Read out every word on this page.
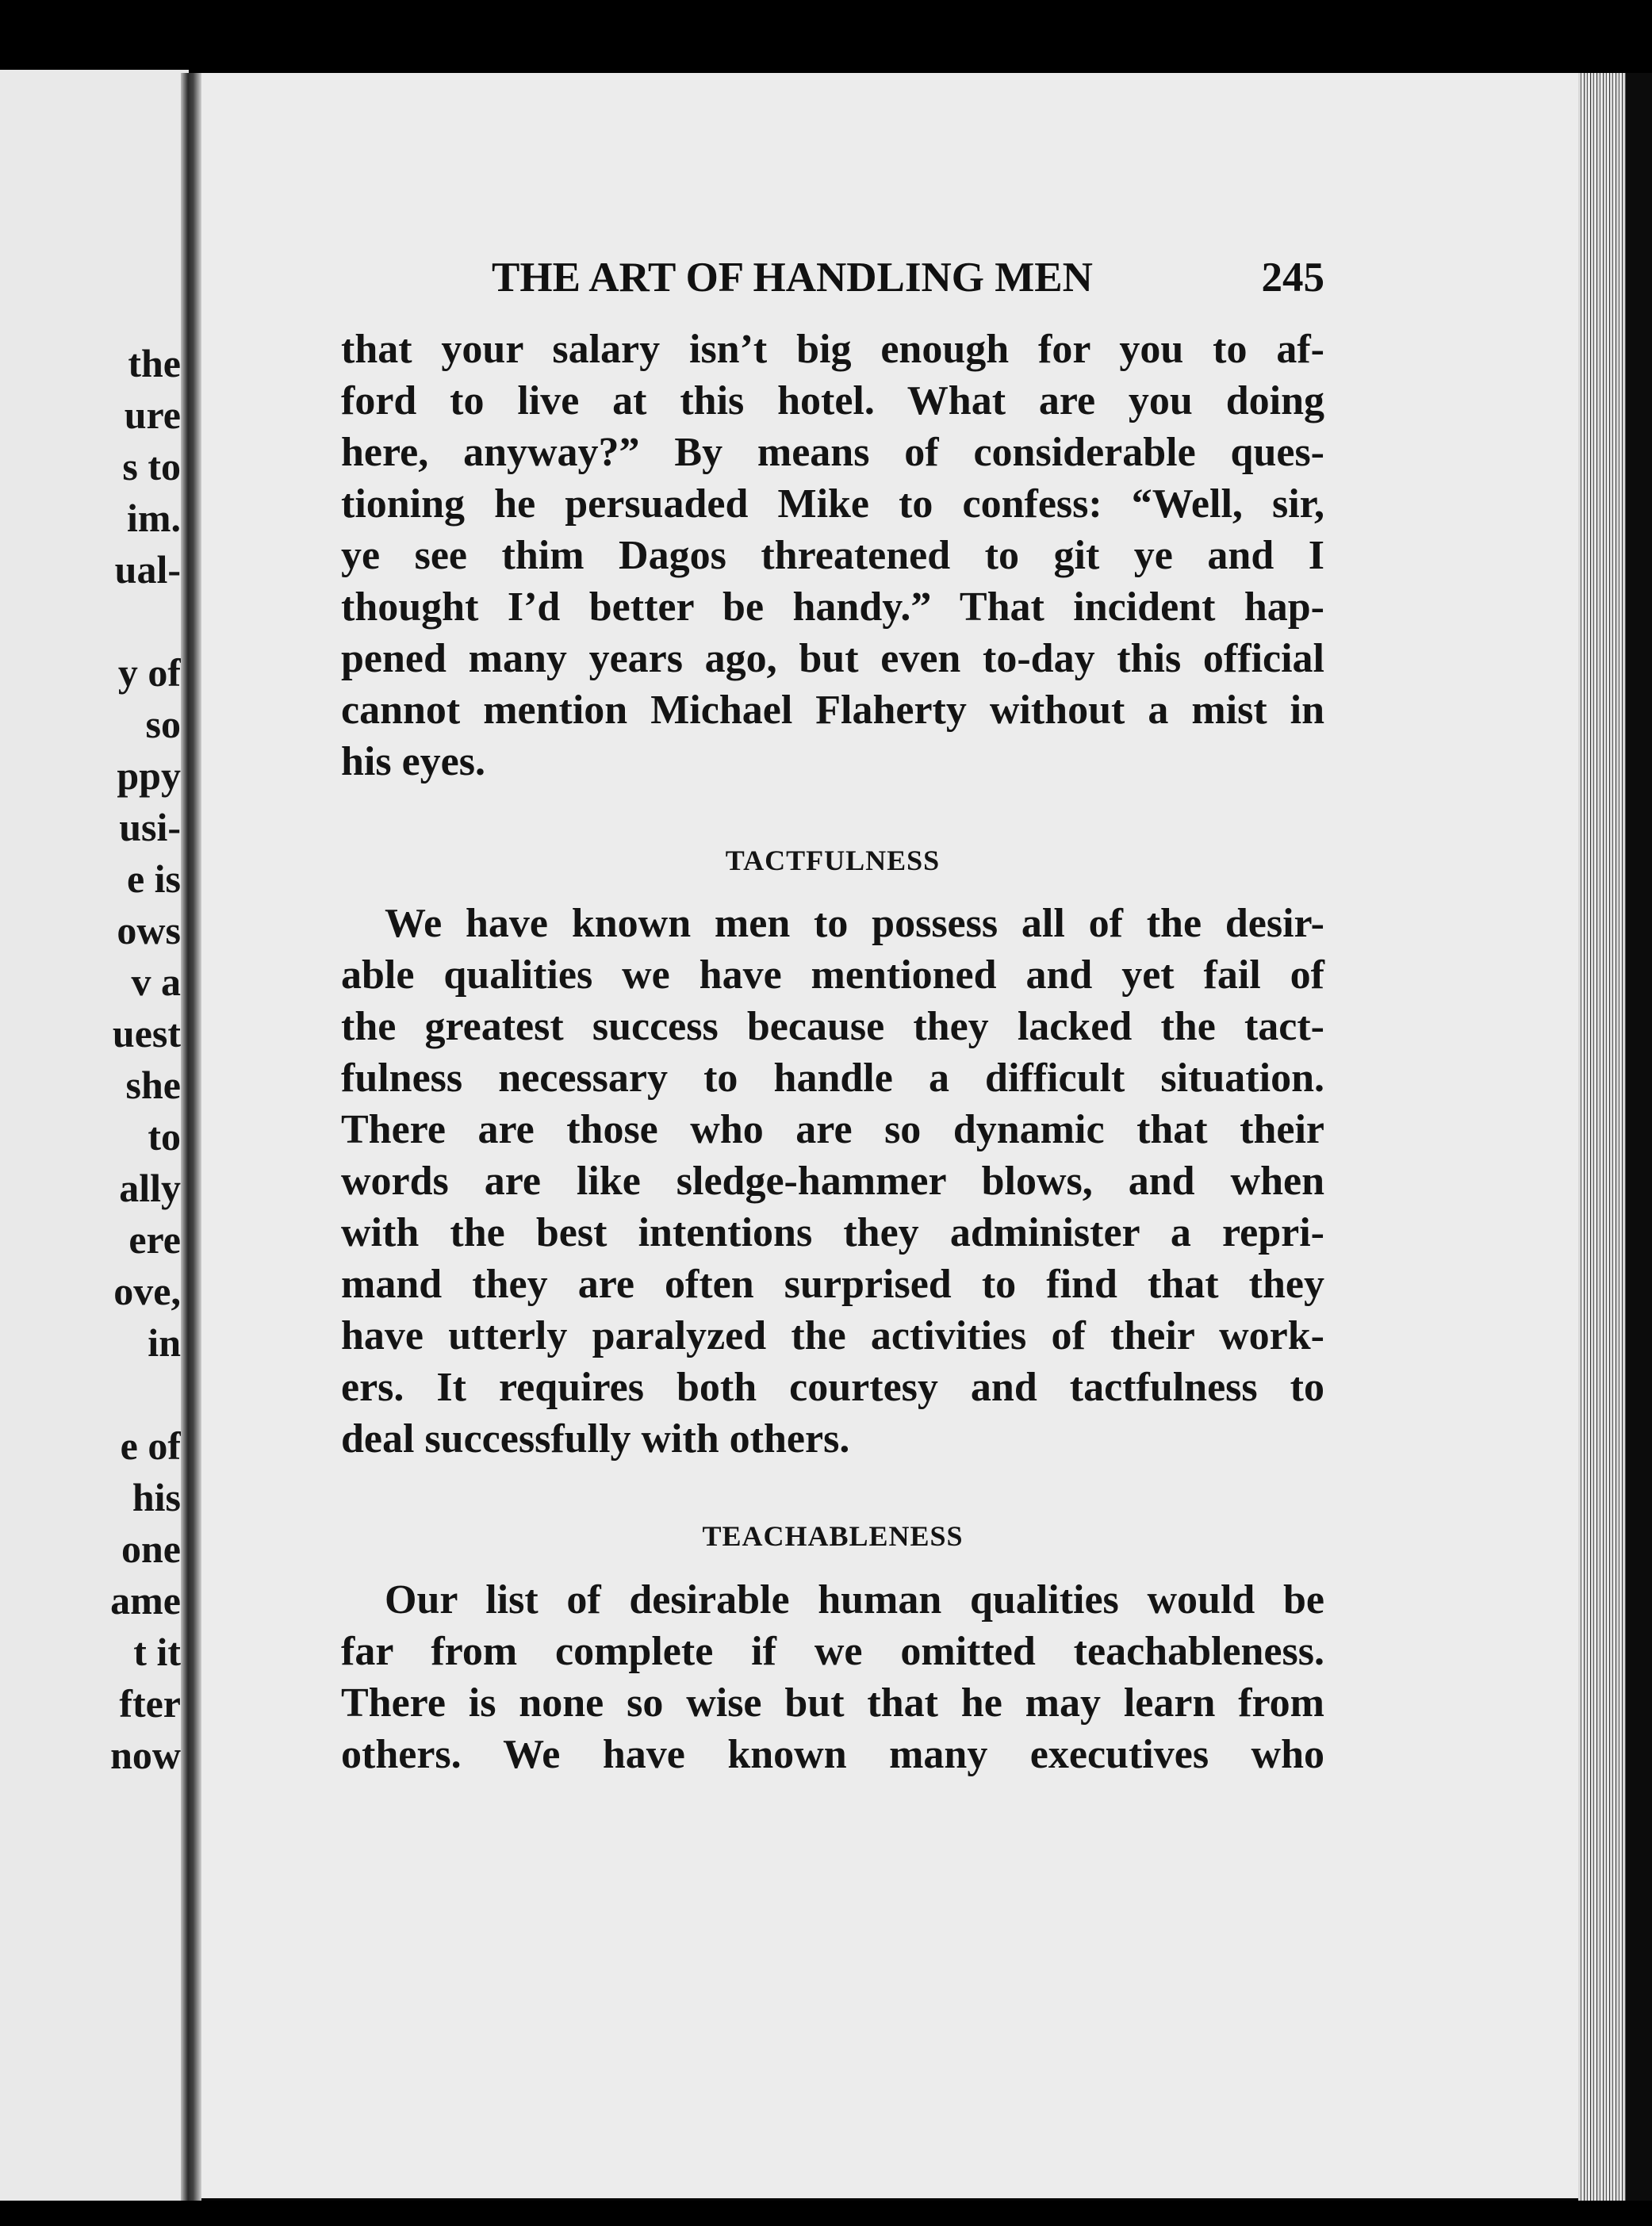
the
ure
s to
im.
ual-
y of
so
ppy
usi-
e is
ows
v a
uest
she
to
ally
ere
ove,
in
e of
his
one
ame
t it
fter
now
THE ART OF HANDLING MEN	245
that your salary isn’t big enough for you to af-
ford to live at this hotel. What are you doing
here, anyway?” By means of considerable ques-
tioning he persuaded Mike to confess: “Well, sir,
ye see thim Dagos threatened to git ye and I
thought I’d better be handy.” That incident hap-
pened many years ago, but even to-day this official
cannot mention Michael Flaherty without a mist in
his eyes.
TACTFULNESS
We have known men to possess all of the desir-
able qualities we have mentioned and yet fail of
the greatest success because they lacked the tact-
fulness necessary to handle a difficult situation.
There are those who are so dynamic that their
words are like sledge-hammer blows, and when
with the best intentions they administer a repri-
mand they are often surprised to find that they
have utterly paralyzed the activities of their work-
ers. It requires both courtesy and tactfulness to
deal successfully with others.
TEACHABLENESS
Our list of desirable human qualities would be
far from complete if we omitted teachableness.
There is none so wise but that he may learn from
others. We have known many executives who
